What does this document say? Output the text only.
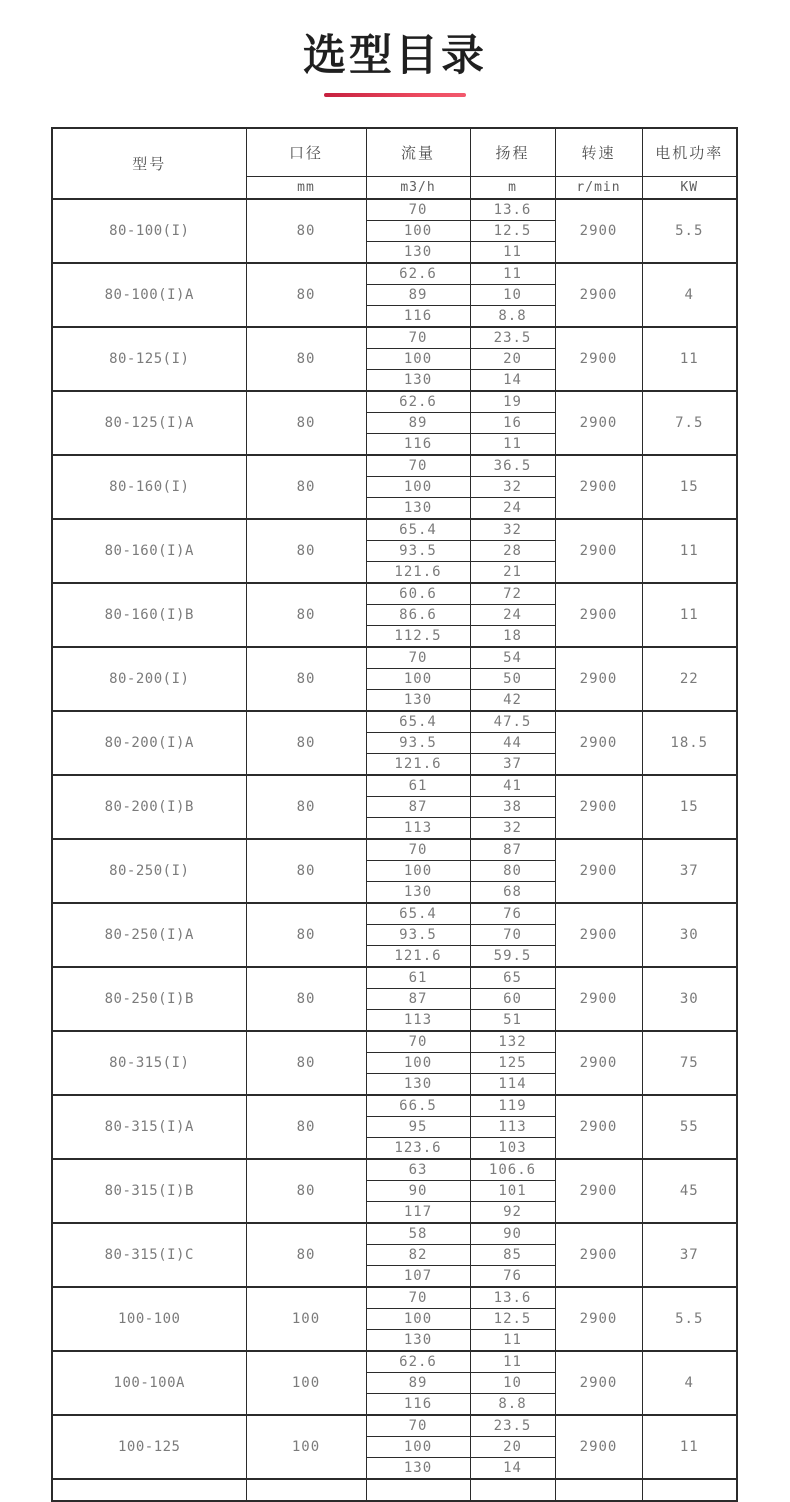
选型目录
型号	口径	流量	扬程	转速	电机功率
	mm	m3/h	m	r/min	KW
80-100(I)	80	70	13.6	2900	5.5
		100	12.5		
		130	11		
80-100(I)A	80	62.6	11	2900	4
		89	10		
		116	8.8		
80-125(I)	80	70	23.5	2900	11
		100	20		
		130	14		
80-125(I)A	80	62.6	19	2900	7.5
		89	16		
		116	11		
80-160(I)	80	70	36.5	2900	15
		100	32		
		130	24		
80-160(I)A	80	65.4	32	2900	11
		93.5	28		
		121.6	21		
80-160(I)B	80	60.6	72	2900	11
		86.6	24		
		112.5	18		
80-200(I)	80	70	54	2900	22
		100	50		
		130	42		
80-200(I)A	80	65.4	47.5	2900	18.5
		93.5	44		
		121.6	37		
80-200(I)B	80	61	41	2900	15
		87	38		
		113	32		
80-250(I)	80	70	87	2900	37
		100	80		
		130	68		
80-250(I)A	80	65.4	76	2900	30
		93.5	70		
		121.6	59.5		
80-250(I)B	80	61	65	2900	30
		87	60		
		113	51		
80-315(I)	80	70	132	2900	75
		100	125		
		130	114		
80-315(I)A	80	66.5	119	2900	55
		95	113		
		123.6	103		
80-315(I)B	80	63	106.6	2900	45
		90	101		
		117	92		
80-315(I)C	80	58	90	2900	37
		82	85		
		107	76		
100-100	100	70	13.6	2900	5.5
		100	12.5		
		130	11		
100-100A	100	62.6	11	2900	4
		89	10		
		116	8.8		
100-125	100	70	23.5	2900	11
		100	20		
		130	14		
